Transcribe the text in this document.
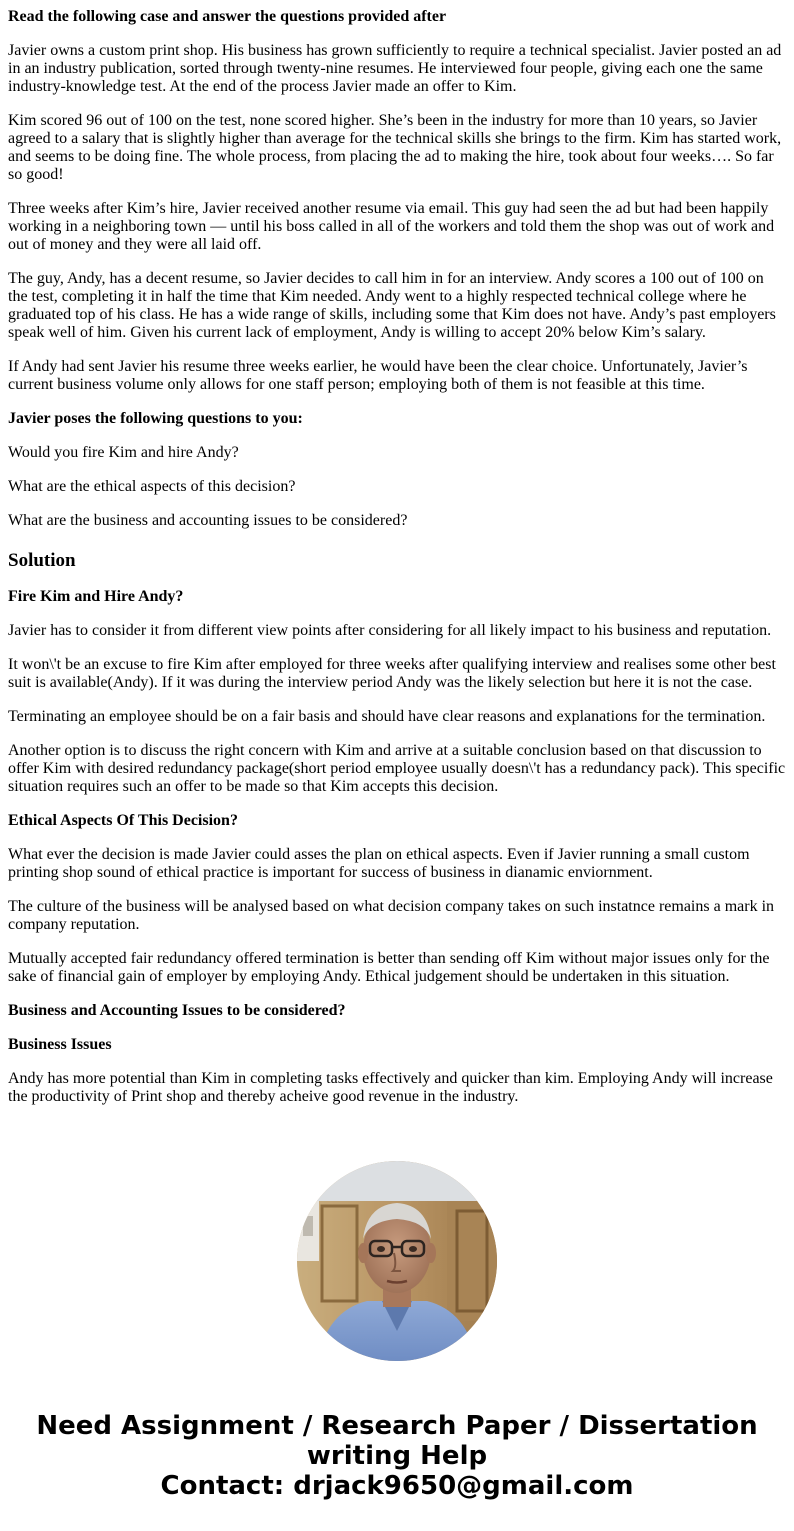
Read the following case and answer the questions provided after

Javier owns a custom print shop. His business has grown sufficiently to require a technical specialist. Javier posted an ad in an industry publication, sorted through twenty-nine resumes. He interviewed four people, giving each one the same industry-knowledge test. At the end of the process Javier made an offer to Kim.

Kim scored 96 out of 100 on the test, none scored higher. She’s been in the industry for more than 10 years, so Javier agreed to a salary that is slightly higher than average for the technical skills she brings to the firm. Kim has started work, and seems to be doing fine. The whole process, from placing the ad to making the hire, took about four weeks…. So far so good!

Three weeks after Kim’s hire, Javier received another resume via email. This guy had seen the ad but had been happily working in a neighboring town — until his boss called in all of the workers and told them the shop was out of work and out of money and they were all laid off.

The guy, Andy, has a decent resume, so Javier decides to call him in for an interview. Andy scores a 100 out of 100 on the test, completing it in half the time that Kim needed. Andy went to a highly respected technical college where he graduated top of his class. He has a wide range of skills, including some that Kim does not have. Andy’s past employers speak well of him. Given his current lack of employment, Andy is willing to accept 20% below Kim’s salary.

If Andy had sent Javier his resume three weeks earlier, he would have been the clear choice. Unfortunately, Javier’s current business volume only allows for one staff person; employing both of them is not feasible at this time.

Javier poses the following questions to you:

Would you fire Kim and hire Andy?

What are the ethical aspects of this decision?

What are the business and accounting issues to be considered?

Solution

Fire Kim and Hire Andy?

Javier has to consider it from different view points after considering for all likely impact to his business and reputation.

It won\'t be an excuse to fire Kim after employed for three weeks after qualifying interview and realises some other best suit is available(Andy). If it was during the interview period Andy was the likely selection but here it is not the case.

Terminating an employee should be on a fair basis and should have clear reasons and explanations for the termination.

Another option is to discuss the right concern with Kim and arrive at a suitable conclusion based on that discussion to offer Kim with desired redundancy package(short period employee usually doesn\'t has a redundancy pack). This specific situation requires such an offer to be made so that Kim accepts this decision.

Ethical Aspects Of This Decision?

What ever the decision is made Javier could asses the plan on ethical aspects. Even if Javier running a small custom printing shop sound of ethical practice is important for success of business in dianamic enviornment.

The culture of the business will be analysed based on what decision company takes on such instatnce remains a mark in company reputation.

Mutually accepted fair redundancy offered termination is better than sending off Kim without major issues only for the sake of financial gain of employer by employing Andy. Ethical judgement should be undertaken in this situation.

Business and Accounting Issues to be considered?

Business Issues

Andy has more potential than Kim in completing tasks effectively and quicker than kim. Employing Andy will increase the productivity of Print shop and thereby acheive good revenue in the industry.

Need Assignment / Research Paper / Dissertation
writing Help
Contact: drjack9650@gmail.com
